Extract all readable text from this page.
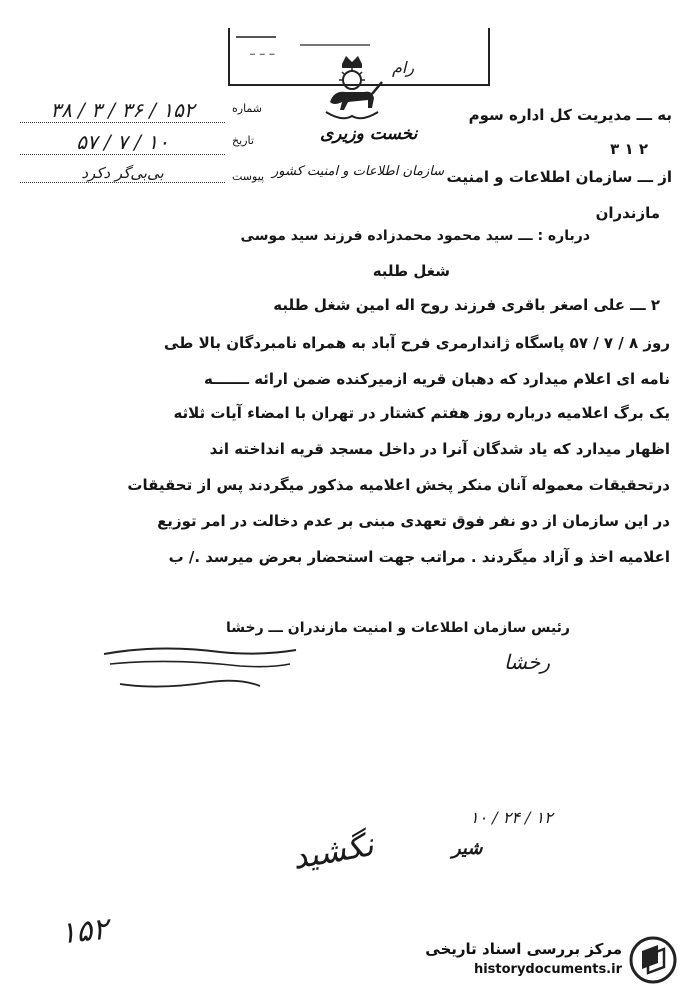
ـ ـ ـ
رام
نخست وزیری
سازمان اطلاعات و امنیت کشور
شماره
۳۸ / ۳ / ۳۶ / ۱۵۲
تاریخ
۵۷ / ۷ / ۱۰
پیوست
بی‌بی‌گر دکرد
به ـــ مدیریت کل اداره سوم
۳ ۱ ۲
از ـــ سازمان اطلاعات و امنیت
مازندران
درباره : ـــ سید محمود محمدزاده فرزند سید موسی
شغل طلبه
۲ ـــ علی اصغر باقری فرزند روح اله امین شغل طلبه
روز ۸ / ۷ / ۵۷ پاسگاه ژاندارمری فرح آباد به همراه نامبردگان بالا طی
نامه ای اعلام میدارد که دهبان قریه ازمیرکنده ضمن ارائه ـــــــه
یک برگ اعلامیه درباره روز هفتم کشتار در تهران با امضاء آیات ثلاثه
اظهار میدارد که یاد شدگان آنرا در داخل مسجد قریه انداخته اند
درتحقیقات معموله آنان منکر پخش اعلامیه مذکور میگردند پس از تحقیقات
در این سازمان از دو نفر فوق تعهدی مبنی بر عدم دخالت در امر توزیع
اعلامیه اخذ و آزاد میگردند . مراتب جهت استحضار بعرض میرسد ./ ب
رئیس سازمان اطلاعات و امنیت مازندران ـــ رخشا
رخشا
۱۰ / ۲۴ / ۱۲
شیر
نگشید
۱۵۲	مرکز بررسی اسناد تاریخی
historydocuments.ir
